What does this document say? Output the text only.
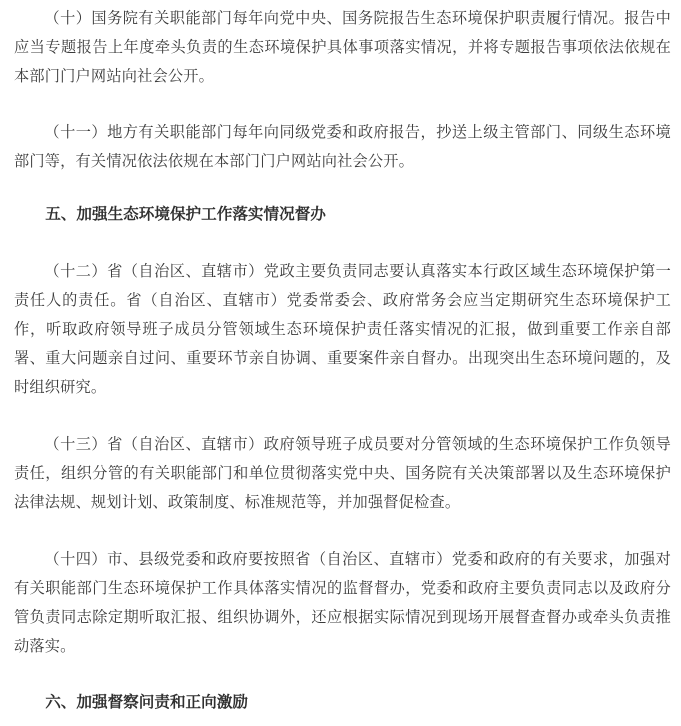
（十）国务院有关职能部门每年向党中央、国务院报告生态环境保护职责履行情况。报告中应当专题报告上年度牵头负责的生态环境保护具体事项落实情况，并将专题报告事项依法依规在本部门门户网站向社会公开。

（十一）地方有关职能部门每年向同级党委和政府报告，抄送上级主管部门、同级生态环境部门等，有关情况依法依规在本部门门户网站向社会公开。

五、加强生态环境保护工作落实情况督办

（十二）省（自治区、直辖市）党政主要负责同志要认真落实本行政区域生态环境保护第一责任人的责任。省（自治区、直辖市）党委常委会、政府常务会应当定期研究生态环境保护工作，听取政府领导班子成员分管领域生态环境保护责任落实情况的汇报，做到重要工作亲自部署、重大问题亲自过问、重要环节亲自协调、重要案件亲自督办。出现突出生态环境问题的，及时组织研究。

（十三）省（自治区、直辖市）政府领导班子成员要对分管领域的生态环境保护工作负领导责任，组织分管的有关职能部门和单位贯彻落实党中央、国务院有关决策部署以及生态环境保护法律法规、规划计划、政策制度、标准规范等，并加强督促检查。

（十四）市、县级党委和政府要按照省（自治区、直辖市）党委和政府的有关要求，加强对有关职能部门生态环境保护工作具体落实情况的监督督办，党委和政府主要负责同志以及政府分管负责同志除定期听取汇报、组织协调外，还应根据实际情况到现场开展督查督办或牵头负责推动落实。

六、加强督察问责和正向激励
